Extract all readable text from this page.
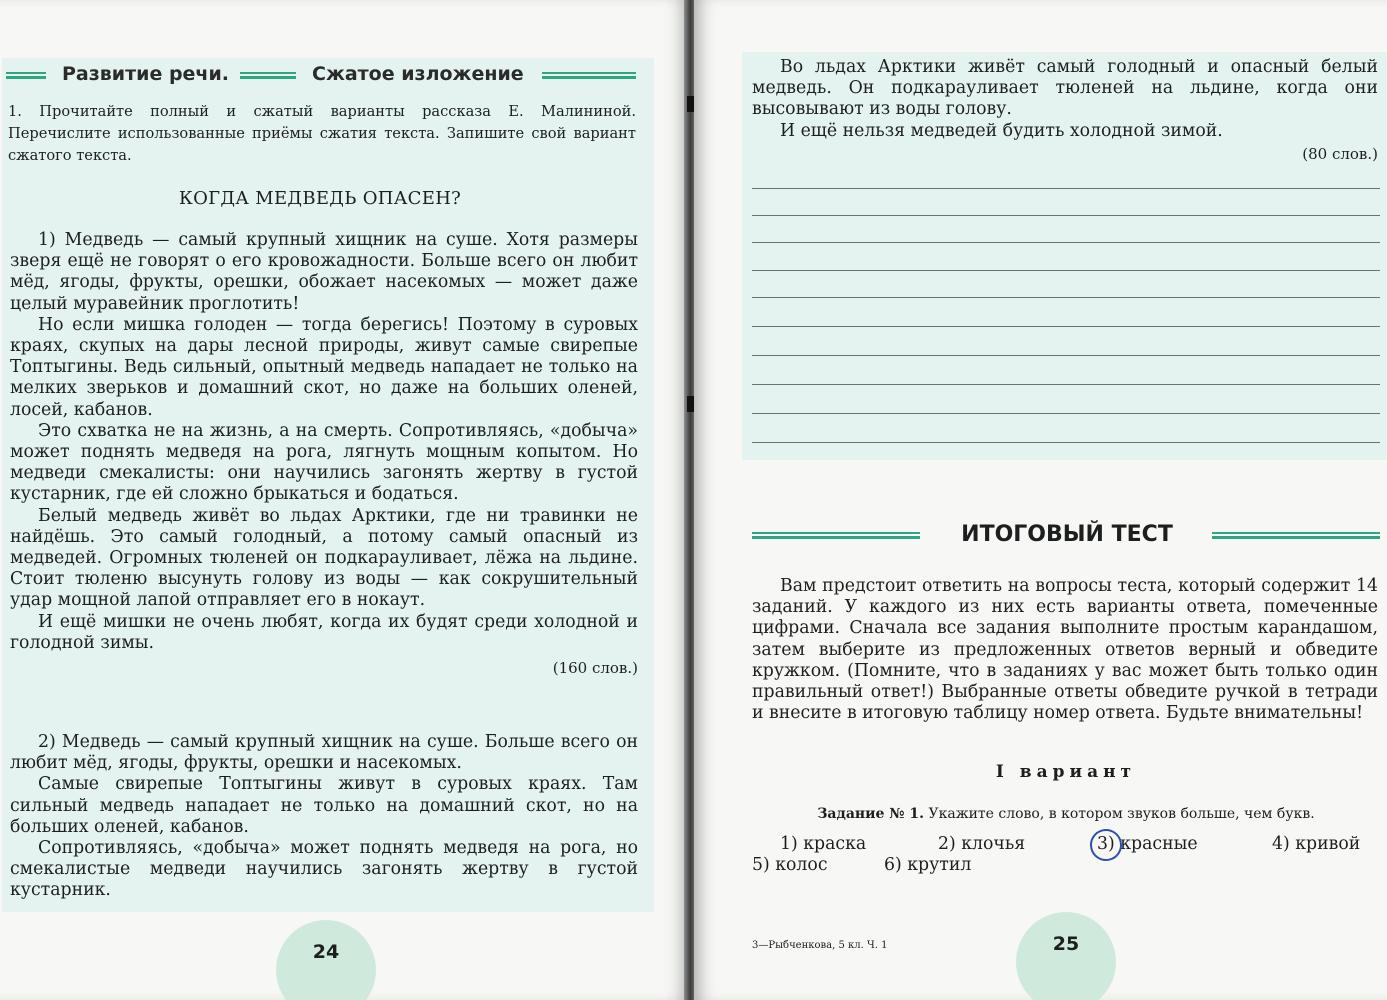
Развитие речи.	Сжатое изложение
1. Прочитайте полный и сжатый варианты рассказа Е. Малининой. Перечислите использованные приёмы сжатия текста. Запишите свой вариант сжатого текста.
КОГДА МЕДВЕДЬ ОПАСЕН?

1) Медведь — самый крупный хищник на суше. Хотя размеры зверя ещё не говорят о его кровожадности. Больше всего он любит мёд, ягоды, фрукты, орешки, обожает насекомых — может даже целый муравейник проглотить!

Но если мишка голоден — тогда берегись! Поэтому в суровых краях, скупых на дары лесной природы, живут самые свирепые Топтыгины. Ведь сильный, опытный медведь нападает не только на мелких зверьков и домашний скот, но даже на больших оленей, лосей, кабанов.

Это схватка не на жизнь, а на смерть. Сопротивляясь, «добыча» может поднять медведя на рога, лягнуть мощным копытом. Но медведи смекалисты: они научились загонять жертву в густой кустарник, где ей сложно брыкаться и бодаться.

Белый медведь живёт во льдах Арктики, где ни травинки не найдёшь. Это самый голодный, а потому самый опасный из медведей. Огромных тюленей он подкарауливает, лёжа на льдине. Стоит тюленю высунуть голову из воды — как сокрушительный удар мощной лапой отправляет его в нокаут.

И ещё мишки не очень любят, когда их будят среди холодной и голодной зимы.

(160 слов.)

2) Медведь — самый крупный хищник на суше. Больше всего он любит мёд, ягоды, фрукты, орешки и насекомых.

Самые свирепые Топтыгины живут в суровых краях. Там сильный медведь нападает не только на домашний скот, но на больших оленей, кабанов.

Сопротивляясь, «добыча» может поднять медведя на рога, но смекалистые медведи научились загонять жертву в густой кустарник.

24

Во льдах Арктики живёт самый голодный и опасный белый медведь. Он подкарауливает тюленей на льдине, когда они высовывают из воды голову.

И ещё нельзя медведей будить холодной зимой.

(80 слов.)

ИТОГОВЫЙ ТЕСТ

Вам предстоит ответить на вопросы теста, который содержит 14 заданий. У каждого из них есть варианты ответа, помеченные цифрами. Сначала все задания выполните простым карандашом, затем выберите из предложенных ответов верный и обведите кружком. (Помните, что в заданиях у вас может быть только один правильный ответ!) Выбранные ответы обведите ручкой в тетради и внесите в итоговую таблицу номер ответа. Будьте внимательны!

I вариант
Задание № 1. Укажите слово, в котором звуков больше, чем букв.
1) краска	2) клочья	3) красные	4) кривой
5) колос	6) крутил
3—Рыбченкова, 5 кл. Ч. 1	25
